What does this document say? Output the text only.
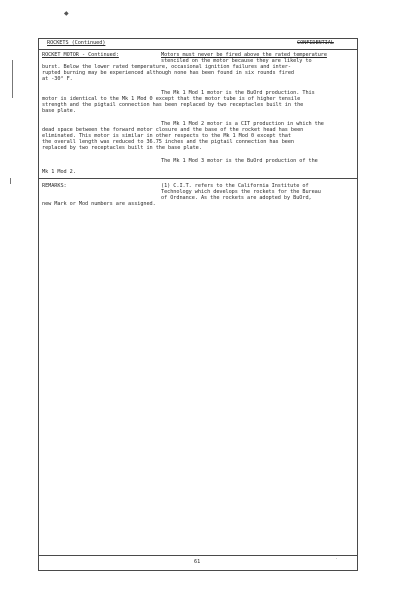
◆
·
ROCKETS (Continued)	CONFIDENTIAL
ROCKET MOTOR - Continued:	Motors must never be fired above the rated temperature
stenciled on the motor because they are likely to
burst. Below the lower rated temperature, occasional ignition failures and inter-
rupted burning may be experienced although none has been found in six rounds fired
at -30° F.
The Mk 1 Mod 1 motor is the BuOrd production. This
motor is identical to the Mk 1 Mod 0 except that the motor tube is of higher tensile
strength and the pigtail connection has been replaced by two receptacles built in the
base plate.
The Mk 1 Mod 2 motor is a CIT production in which the
dead space between the forward motor closure and the base of the rocket head has been
eliminated. This motor is similar in other respects to the Mk 1 Mod 0 except that
the overall length was reduced to 36.75 inches and the pigtail connection has been
replaced by two receptacles built in the base plate.
The Mk 1 Mod 3 motor is the BuOrd production of the
Mk 1 Mod 2.
REMARKS:	(1) C.I.T. refers to the California Institute of
Technology which develops the rockets for the Bureau
of Ordnance. As the rockets are adopted by BuOrd,
new Mark or Mod numbers are assigned.
61
